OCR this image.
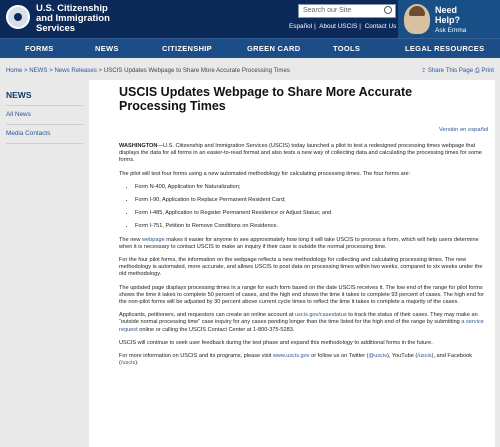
U.S. Citizenship
and Immigration
Services
Search our Site
Español | About USCIS | Contact Us
Need
Help?
Ask Emma
FORMS	NEWS	CITIZENSHIP	GREEN CARD	TOOLS	LEGAL RESOURCES
Home > NEWS > News Releases > USCIS Updates Webpage to Share More Accurate Processing Times	⇪ Share This Page ⎙ Print
NEWS
All News
Media Contacts
USCIS Updates Webpage to Share More Accurate Processing Times
Versión en español

WASHINGTON—U.S. Citizenship and Immigration Services (USCIS) today launched a pilot to test a redesigned processing times webpage that displays the data for all forms in an easier-to-read format and also tests a new way of collecting data and calculating the processing times for some forms.

The pilot will test four forms using a new automated methodology for calculating processing times. The four forms are:

• Form N-400, Application for Naturalization;
• Form I-90, Application to Replace Permanent Resident Card;
• Form I-485, Application to Register Permanent Residence or Adjust Status; and
• Form I-751, Petition to Remove Conditions on Residence.

The new webpage makes it easier for anyone to see approximately how long it will take USCIS to process a form, which will help users determine when it is necessary to contact USCIS to make an inquiry if their case is outside the normal processing time.

For the four pilot forms, the information on the webpage reflects a new methodology for collecting and calculating processing times. The new methodology is automated, more accurate, and allows USCIS to post data on processing times within two weeks, compared to six weeks under the old methodology.

The updated page displays processing times in a range for each form based on the date USCIS receives it. The low end of the range for pilot forms shows the time it takes to complete 50 percent of cases, and the high end shows the time it takes to complete 93 percent of cases. The high end for the non-pilot forms will be adjusted by 30 percent above current cycle times to reflect the time it takes to complete a majority of the cases.

Applicants, petitioners, and requestors can create an online account at uscis.gov/casestatus to track the status of their cases. They may make an “outside normal processing time” case inquiry for any cases pending longer than the time listed for the high end of the range by submitting a service request online or calling the USCIS Contact Center at 1-800-375-5283.

USCIS will continue to seek user feedback during the test phase and expand this methodology to additional forms in the future.

For more information on USCIS and its programs, please visit www.uscis.gov or follow us on Twitter (@uscis), YouTube (/uscis), and Facebook (/uscis).
